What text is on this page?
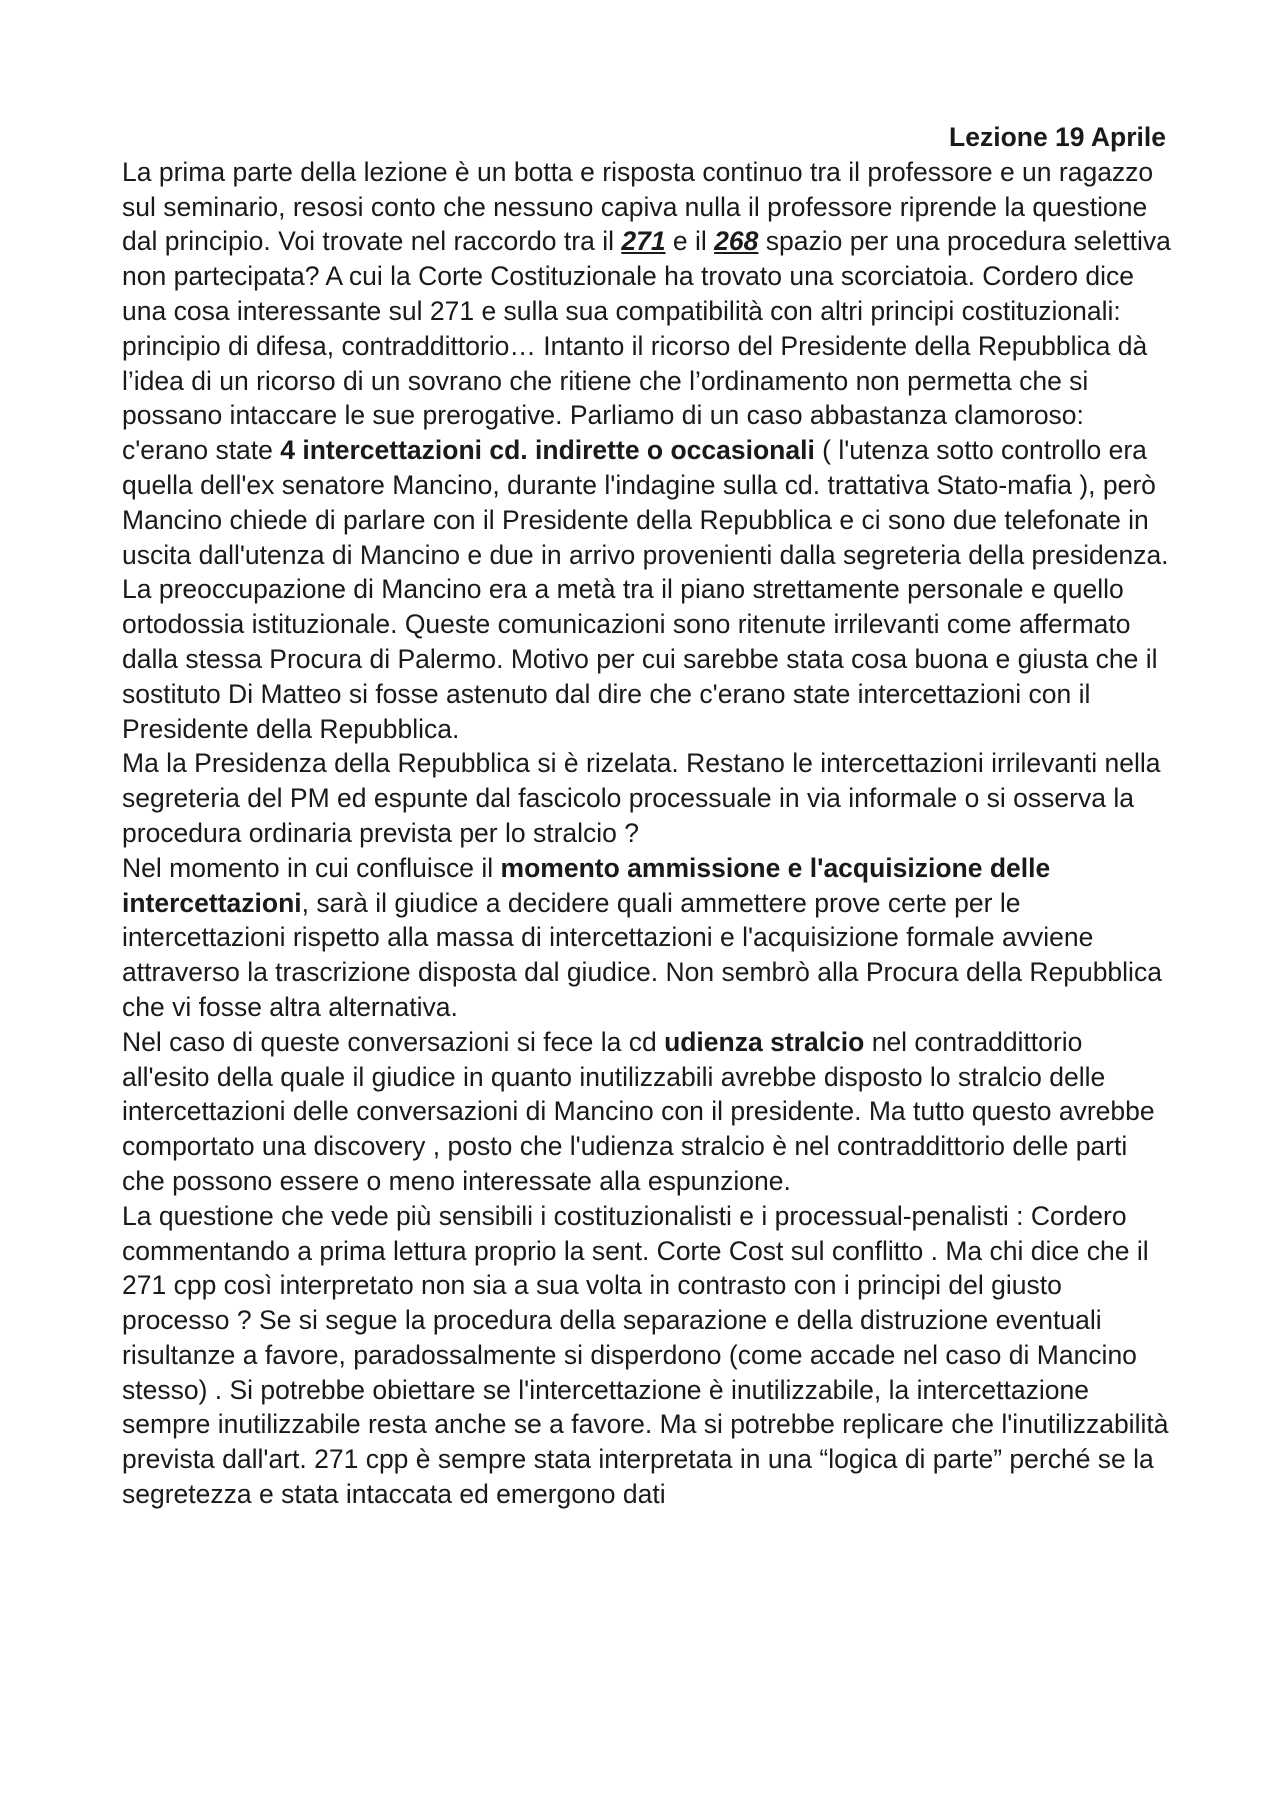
Lezione 19 Aprile

La prima parte della lezione è un botta e risposta continuo tra il professore e un ragazzo sul seminario, resosi conto che nessuno capiva nulla il professore riprende la questione dal principio. Voi trovate nel raccordo tra il 271 e il 268 spazio per una procedura selettiva non partecipata? A cui la Corte Costituzionale ha trovato una scorciatoia. Cordero dice una cosa interessante sul 271 e sulla sua compatibilità con altri principi costituzionali: principio di difesa, contraddittorio… Intanto il ricorso del Presidente della Repubblica dà l’idea di un ricorso di un sovrano che ritiene che l’ordinamento non permetta che si possano intaccare le sue prerogative. Parliamo di un caso abbastanza clamoroso: c'erano state 4 intercettazioni cd. indirette o occasionali ( l'utenza sotto controllo era quella dell'ex senatore Mancino, durante l'indagine sulla cd. trattativa Stato-mafia ), però Mancino chiede di parlare con il Presidente della Repubblica e ci sono due telefonate in uscita dall'utenza di Mancino e due in arrivo provenienti dalla segreteria della presidenza. La preoccupazione di Mancino era a metà tra il piano strettamente personale e quello ortodossia istituzionale. Queste comunicazioni sono ritenute irrilevanti come affermato dalla stessa Procura di Palermo. Motivo per cui sarebbe stata cosa buona e giusta che il sostituto Di Matteo si fosse astenuto dal dire che c'erano state intercettazioni con il Presidente della Repubblica.

Ma la Presidenza della Repubblica si è rizelata. Restano le intercettazioni irrilevanti nella segreteria del PM ed espunte dal fascicolo processuale in via informale o si osserva la procedura ordinaria prevista per lo stralcio ?

Nel momento in cui confluisce il momento ammissione e l'acquisizione delle intercettazioni, sarà il giudice a decidere quali ammettere prove certe per le intercettazioni rispetto alla massa di intercettazioni e l'acquisizione formale avviene attraverso la trascrizione disposta dal giudice. Non sembrò alla Procura della Repubblica che vi fosse altra alternativa.

Nel caso di queste conversazioni si fece la cd udienza stralcio nel contraddittorio all'esito della quale il giudice in quanto inutilizzabili avrebbe disposto lo stralcio delle intercettazioni delle conversazioni di Mancino con il presidente. Ma tutto questo avrebbe comportato una discovery , posto che l'udienza stralcio è nel contraddittorio delle parti che possono essere o meno interessate alla espunzione.

La questione che vede più sensibili i costituzionalisti e i processual-penalisti : Cordero commentando a prima lettura proprio la sent. Corte Cost sul conflitto . Ma chi dice che il 271 cpp così interpretato non sia a sua volta in contrasto con i principi del giusto processo ? Se si segue la procedura della separazione e della distruzione eventuali risultanze a favore, paradossalmente si disperdono (come accade nel caso di Mancino stesso) . Si potrebbe obiettare se l'intercettazione è inutilizzabile, la intercettazione sempre inutilizzabile resta anche se a favore. Ma si potrebbe replicare che l'inutilizzabilità prevista dall'art. 271 cpp è sempre stata interpretata in una “logica di parte” perché se la segretezza e stata intaccata ed emergono dati
